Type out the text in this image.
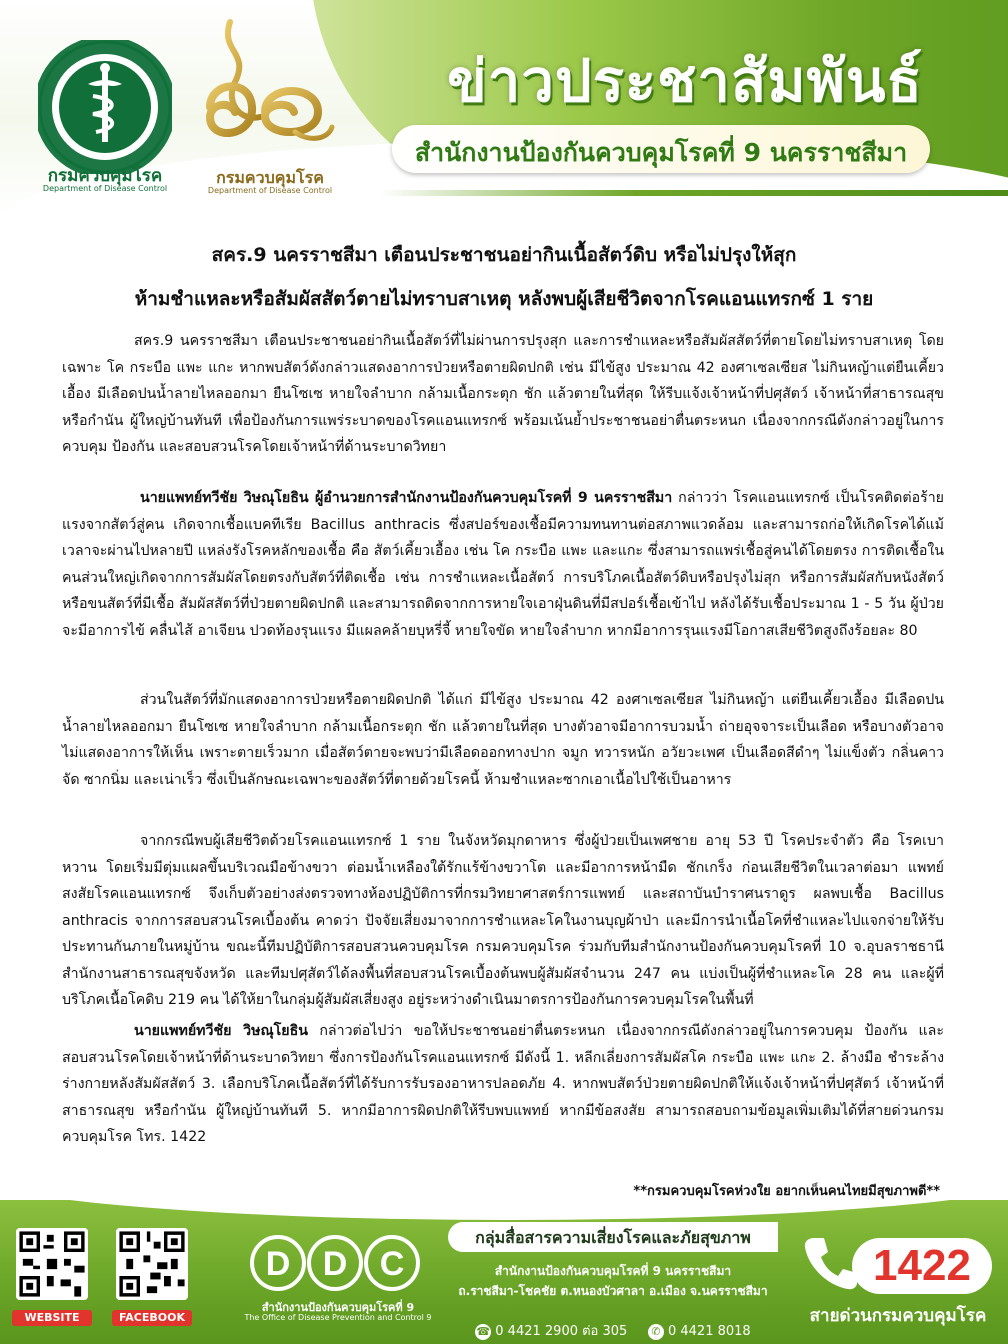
กรมควบคุมโรค
Department of Disease Control
กรมควบคุมโรค
Department of Disease Control
ข่าวประชาสัมพันธ์
สำนักงานป้องกันควบคุมโรคที่ 9 นครราชสีมา
สคร.9 นครราชสีมา เตือนประชาชนอย่ากินเนื้อสัตว์ดิบ หรือไม่ปรุงให้สุก
ห้ามชำแหละหรือสัมผัสสัตว์ตายไม่ทราบสาเหตุ หลังพบผู้เสียชีวิตจากโรคแอนแทรกซ์ 1 ราย

สคร.9 นครราชสีมา เตือนประชาชนอย่ากินเนื้อสัตว์ที่ไม่ผ่านการปรุงสุก และการชำแหละหรือสัมผัสสัตว์ที่ตายโดยไม่ทราบสาเหตุ โดยเฉพาะ โค กระบือ แพะ แกะ หากพบสัตว์ดังกล่าวแสดงอาการป่วยหรือตายผิดปกติ เช่น มีไข้สูง ประมาณ 42 องศาเซลเซียส ไม่กินหญ้าแต่ยืนเคี้ยวเอื้อง มีเลือดปนน้ำลายไหลออกมา ยืนโซเซ หายใจลำบาก กล้ามเนื้อกระตุก ชัก แล้วตายในที่สุด ให้รีบแจ้งเจ้าหน้าที่ปศุสัตว์ เจ้าหน้าที่สาธารณสุข หรือกำนัน ผู้ใหญ่บ้านทันที เพื่อป้องกันการแพร่ระบาดของโรคแอนแทรกซ์ พร้อมเน้นย้ำประชาชนอย่าตื่นตระหนก เนื่องจากกรณีดังกล่าวอยู่ในการควบคุม ป้องกัน และสอบสวนโรคโดยเจ้าหน้าที่ด้านระบาดวิทยา

นายแพทย์ทวีชัย วิษณุโยธิน ผู้อำนวยการสำนักงานป้องกันควบคุมโรคที่ 9 นครราชสีมา กล่าวว่า โรคแอนแทรกซ์ เป็นโรคติดต่อร้ายแรงจากสัตว์สู่คน เกิดจากเชื้อแบคทีเรีย Bacillus anthracis ซึ่งสปอร์ของเชื้อมีความทนทานต่อสภาพแวดล้อม และสามารถก่อให้เกิดโรคได้แม้เวลาจะผ่านไปหลายปี แหล่งรังโรคหลักของเชื้อ คือ สัตว์เคี้ยวเอื้อง เช่น โค กระบือ แพะ และแกะ ซึ่งสามารถแพร่เชื้อสู่คนได้โดยตรง การติดเชื้อในคนส่วนใหญ่เกิดจากการสัมผัสโดยตรงกับสัตว์ที่ติดเชื้อ เช่น การชำแหละเนื้อสัตว์ การบริโภคเนื้อสัตว์ดิบหรือปรุงไม่สุก หรือการสัมผัสกับหนังสัตว์หรือขนสัตว์ที่มีเชื้อ สัมผัสสัตว์ที่ป่วยตายผิดปกติ และสามารถติดจากการหายใจเอาฝุ่นดินที่มีสปอร์เชื้อเข้าไป หลังได้รับเชื้อประมาณ 1 - 5 วัน ผู้ป่วยจะมีอาการไข้ คลื่นไส้ อาเจียน ปวดท้องรุนแรง มีแผลคล้ายบุหรี่จี้ หายใจขัด หายใจลำบาก หากมีอาการรุนแรงมีโอกาสเสียชีวิตสูงถึงร้อยละ 80

ส่วนในสัตว์ที่มักแสดงอาการป่วยหรือตายผิดปกติ ได้แก่ มีไข้สูง ประมาณ 42 องศาเซลเซียส ไม่กินหญ้า แต่ยืนเคี้ยวเอื้อง มีเลือดปนน้ำลายไหลออกมา ยืนโซเซ หายใจลำบาก กล้ามเนื้อกระตุก ชัก แล้วตายในที่สุด บางตัวอาจมีอาการบวมน้ำ ถ่ายอุจจาระเป็นเลือด หรือบางตัวอาจไม่แสดงอาการให้เห็น เพราะตายเร็วมาก เมื่อสัตว์ตายจะพบว่ามีเลือดออกทางปาก จมูก ทวารหนัก อวัยวะเพศ เป็นเลือดสีดำๆ ไม่แข็งตัว กลิ่นคาวจัด ซากนิ่ม และเน่าเร็ว ซึ่งเป็นลักษณะเฉพาะของสัตว์ที่ตายด้วยโรคนี้ ห้ามชำแหละซากเอาเนื้อไปใช้เป็นอาหาร

จากกรณีพบผู้เสียชีวิตด้วยโรคแอนแทรกซ์ 1 ราย ในจังหวัดมุกดาหาร ซึ่งผู้ป่วยเป็นเพศชาย อายุ 53 ปี โรคประจำตัว คือ โรคเบาหวาน โดยเริ่มมีตุ่มแผลขึ้นบริเวณมือข้างขวา ต่อมน้ำเหลืองใต้รักแร้ข้างขวาโต และมีอาการหน้ามืด ชักเกร็ง ก่อนเสียชีวิตในเวลาต่อมา แพทย์สงสัยโรคแอนแทรกซ์ จึงเก็บตัวอย่างส่งตรวจทางห้องปฏิบัติการที่กรมวิทยาศาสตร์การแพทย์ และสถาบันบำราศนราดูร ผลพบเชื้อ Bacillus anthracis จากการสอบสวนโรคเบื้องต้น คาดว่า ปัจจัยเสี่ยงมาจากการชำแหละโคในงานบุญผ้าป่า และมีการนำเนื้อโคที่ชำแหละไปแจกจ่ายให้รับประทานกันภายในหมู่บ้าน ขณะนี้ทีมปฏิบัติการสอบสวนควบคุมโรค กรมควบคุมโรค ร่วมกับทีมสำนักงานป้องกันควบคุมโรคที่ 10 จ.อุบลราชธานี สำนักงานสาธารณสุขจังหวัด และทีมปศุสัตว์ได้ลงพื้นที่สอบสวนโรคเบื้องต้นพบผู้สัมผัสจำนวน 247 คน แบ่งเป็นผู้ที่ชำแหละโค 28 คน และผู้ที่บริโภคเนื้อโคดิบ 219 คน ได้ให้ยาในกลุ่มผู้สัมผัสเสี่ยงสูง อยู่ระหว่างดำเนินมาตรการป้องกันการควบคุมโรคในพื้นที่

นายแพทย์ทวีชัย วิษณุโยธิน กล่าวต่อไปว่า ขอให้ประชาชนอย่าตื่นตระหนก เนื่องจากกรณีดังกล่าวอยู่ในการควบคุม ป้องกัน และสอบสวนโรคโดยเจ้าหน้าที่ด้านระบาดวิทยา ซึ่งการป้องกันโรคแอนแทรกซ์ มีดังนี้ 1. หลีกเลี่ยงการสัมผัสโค กระบือ แพะ แกะ 2. ล้างมือ ชำระล้างร่างกายหลังสัมผัสสัตว์ 3. เลือกบริโภคเนื้อสัตว์ที่ได้รับการรับรองอาหารปลอดภัย 4. หากพบสัตว์ป่วยตายผิดปกติให้แจ้งเจ้าหน้าที่ปศุสัตว์ เจ้าหน้าที่สาธารณสุข หรือกำนัน ผู้ใหญ่บ้านทันที 5. หากมีอาการผิดปกติให้รีบพบแพทย์ หากมีข้อสงสัย สามารถสอบถามข้อมูลเพิ่มเติมได้ที่สายด่วนกรมควบคุมโรค โทร. 1422

**กรมควบคุมโรคห่วงใย อยากเห็นคนไทยมีสุขภาพดี**
WEBSITE	FACEBOOK
D D C
สำนักงานป้องกันควบคุมโรคที่ 9
The Office of Disease Prevention and Control 9
กลุ่มสื่อสารความเสี่ยงโรคและภัยสุขภาพ
สำนักงานป้องกันควบคุมโรคที่ 9 นครราชสีมา
ถ.ราชสีมา-โชคชัย ต.หนองบัวศาลา อ.เมือง จ.นครราชสีมา
☎ 0 4421 2900 ต่อ 305 ✆ 0 4421 8018
1422
สายด่วนกรมควบคุมโรค
